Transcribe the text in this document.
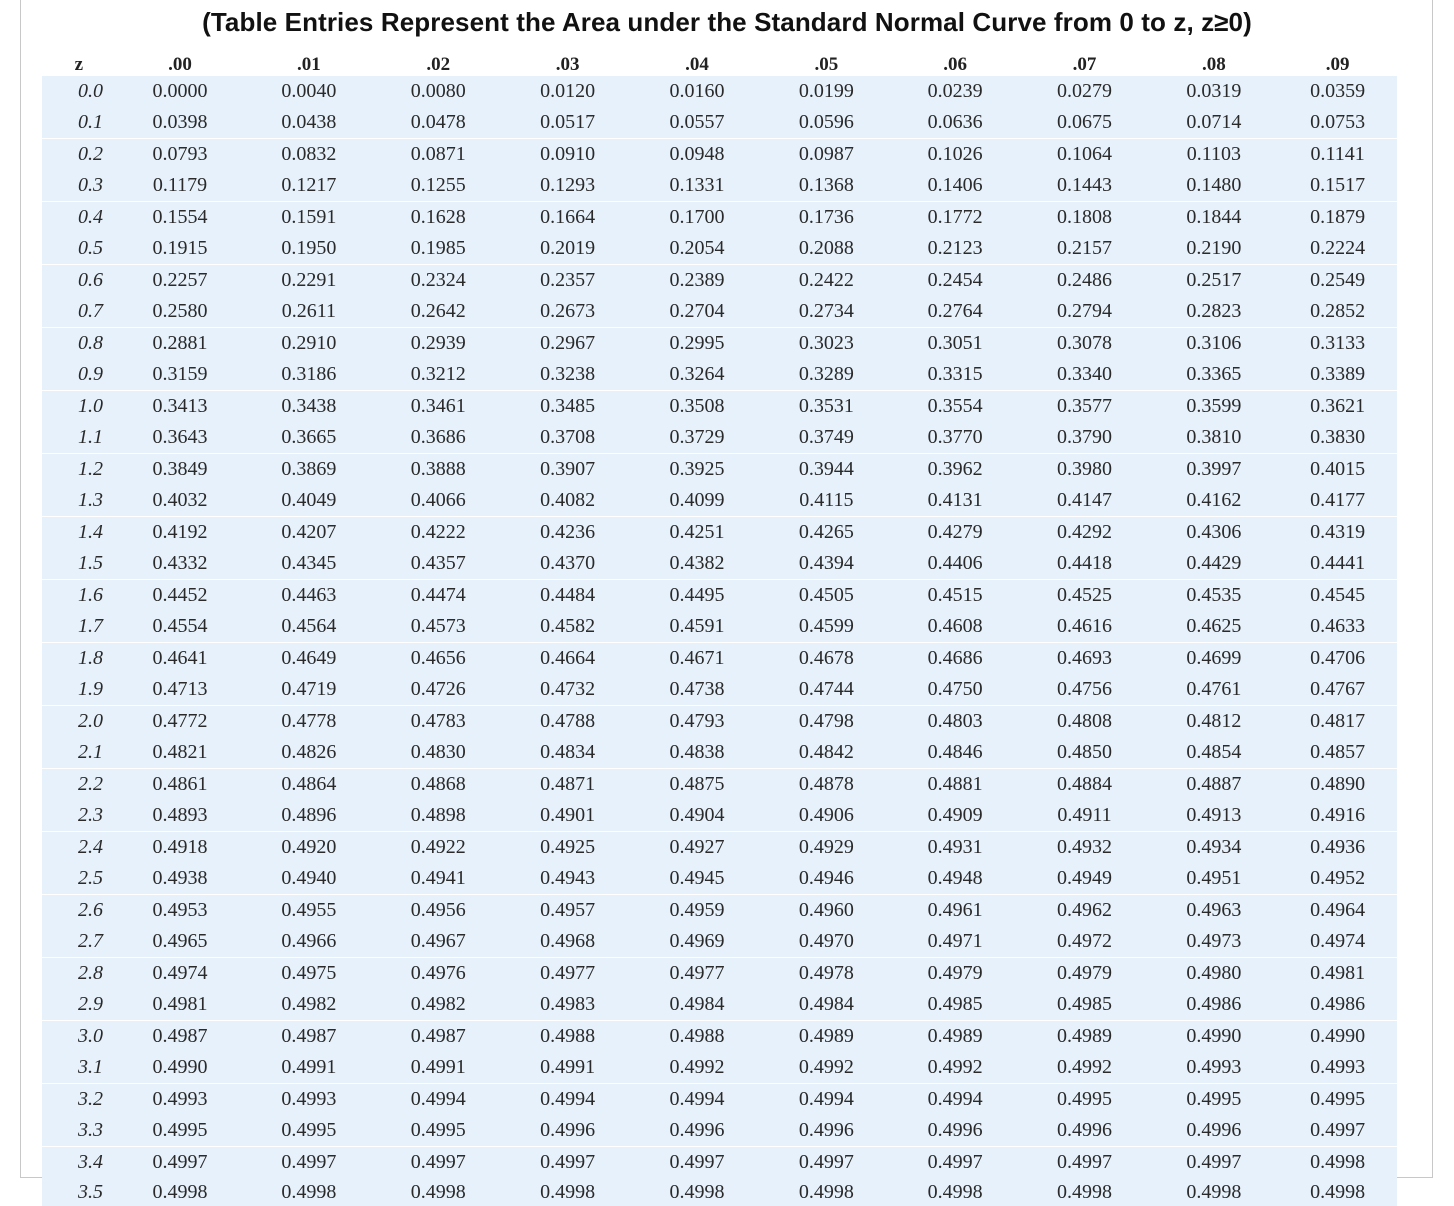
(Table Entries Represent the Area under the Standard Normal Curve from 0 to z, z≥0)
z	.00	.01	.02	.03	.04	.05	.06	.07	.08	.09
0.0	0.0000	0.0040	0.0080	0.0120	0.0160	0.0199	0.0239	0.0279	0.0319	0.0359
0.1	0.0398	0.0438	0.0478	0.0517	0.0557	0.0596	0.0636	0.0675	0.0714	0.0753
0.2	0.0793	0.0832	0.0871	0.0910	0.0948	0.0987	0.1026	0.1064	0.1103	0.1141
0.3	0.1179	0.1217	0.1255	0.1293	0.1331	0.1368	0.1406	0.1443	0.1480	0.1517
0.4	0.1554	0.1591	0.1628	0.1664	0.1700	0.1736	0.1772	0.1808	0.1844	0.1879
0.5	0.1915	0.1950	0.1985	0.2019	0.2054	0.2088	0.2123	0.2157	0.2190	0.2224
0.6	0.2257	0.2291	0.2324	0.2357	0.2389	0.2422	0.2454	0.2486	0.2517	0.2549
0.7	0.2580	0.2611	0.2642	0.2673	0.2704	0.2734	0.2764	0.2794	0.2823	0.2852
0.8	0.2881	0.2910	0.2939	0.2967	0.2995	0.3023	0.3051	0.3078	0.3106	0.3133
0.9	0.3159	0.3186	0.3212	0.3238	0.3264	0.3289	0.3315	0.3340	0.3365	0.3389
1.0	0.3413	0.3438	0.3461	0.3485	0.3508	0.3531	0.3554	0.3577	0.3599	0.3621
1.1	0.3643	0.3665	0.3686	0.3708	0.3729	0.3749	0.3770	0.3790	0.3810	0.3830
1.2	0.3849	0.3869	0.3888	0.3907	0.3925	0.3944	0.3962	0.3980	0.3997	0.4015
1.3	0.4032	0.4049	0.4066	0.4082	0.4099	0.4115	0.4131	0.4147	0.4162	0.4177
1.4	0.4192	0.4207	0.4222	0.4236	0.4251	0.4265	0.4279	0.4292	0.4306	0.4319
1.5	0.4332	0.4345	0.4357	0.4370	0.4382	0.4394	0.4406	0.4418	0.4429	0.4441
1.6	0.4452	0.4463	0.4474	0.4484	0.4495	0.4505	0.4515	0.4525	0.4535	0.4545
1.7	0.4554	0.4564	0.4573	0.4582	0.4591	0.4599	0.4608	0.4616	0.4625	0.4633
1.8	0.4641	0.4649	0.4656	0.4664	0.4671	0.4678	0.4686	0.4693	0.4699	0.4706
1.9	0.4713	0.4719	0.4726	0.4732	0.4738	0.4744	0.4750	0.4756	0.4761	0.4767
2.0	0.4772	0.4778	0.4783	0.4788	0.4793	0.4798	0.4803	0.4808	0.4812	0.4817
2.1	0.4821	0.4826	0.4830	0.4834	0.4838	0.4842	0.4846	0.4850	0.4854	0.4857
2.2	0.4861	0.4864	0.4868	0.4871	0.4875	0.4878	0.4881	0.4884	0.4887	0.4890
2.3	0.4893	0.4896	0.4898	0.4901	0.4904	0.4906	0.4909	0.4911	0.4913	0.4916
2.4	0.4918	0.4920	0.4922	0.4925	0.4927	0.4929	0.4931	0.4932	0.4934	0.4936
2.5	0.4938	0.4940	0.4941	0.4943	0.4945	0.4946	0.4948	0.4949	0.4951	0.4952
2.6	0.4953	0.4955	0.4956	0.4957	0.4959	0.4960	0.4961	0.4962	0.4963	0.4964
2.7	0.4965	0.4966	0.4967	0.4968	0.4969	0.4970	0.4971	0.4972	0.4973	0.4974
2.8	0.4974	0.4975	0.4976	0.4977	0.4977	0.4978	0.4979	0.4979	0.4980	0.4981
2.9	0.4981	0.4982	0.4982	0.4983	0.4984	0.4984	0.4985	0.4985	0.4986	0.4986
3.0	0.4987	0.4987	0.4987	0.4988	0.4988	0.4989	0.4989	0.4989	0.4990	0.4990
3.1	0.4990	0.4991	0.4991	0.4991	0.4992	0.4992	0.4992	0.4992	0.4993	0.4993
3.2	0.4993	0.4993	0.4994	0.4994	0.4994	0.4994	0.4994	0.4995	0.4995	0.4995
3.3	0.4995	0.4995	0.4995	0.4996	0.4996	0.4996	0.4996	0.4996	0.4996	0.4997
3.4	0.4997	0.4997	0.4997	0.4997	0.4997	0.4997	0.4997	0.4997	0.4997	0.4998
3.5	0.4998	0.4998	0.4998	0.4998	0.4998	0.4998	0.4998	0.4998	0.4998	0.4998
